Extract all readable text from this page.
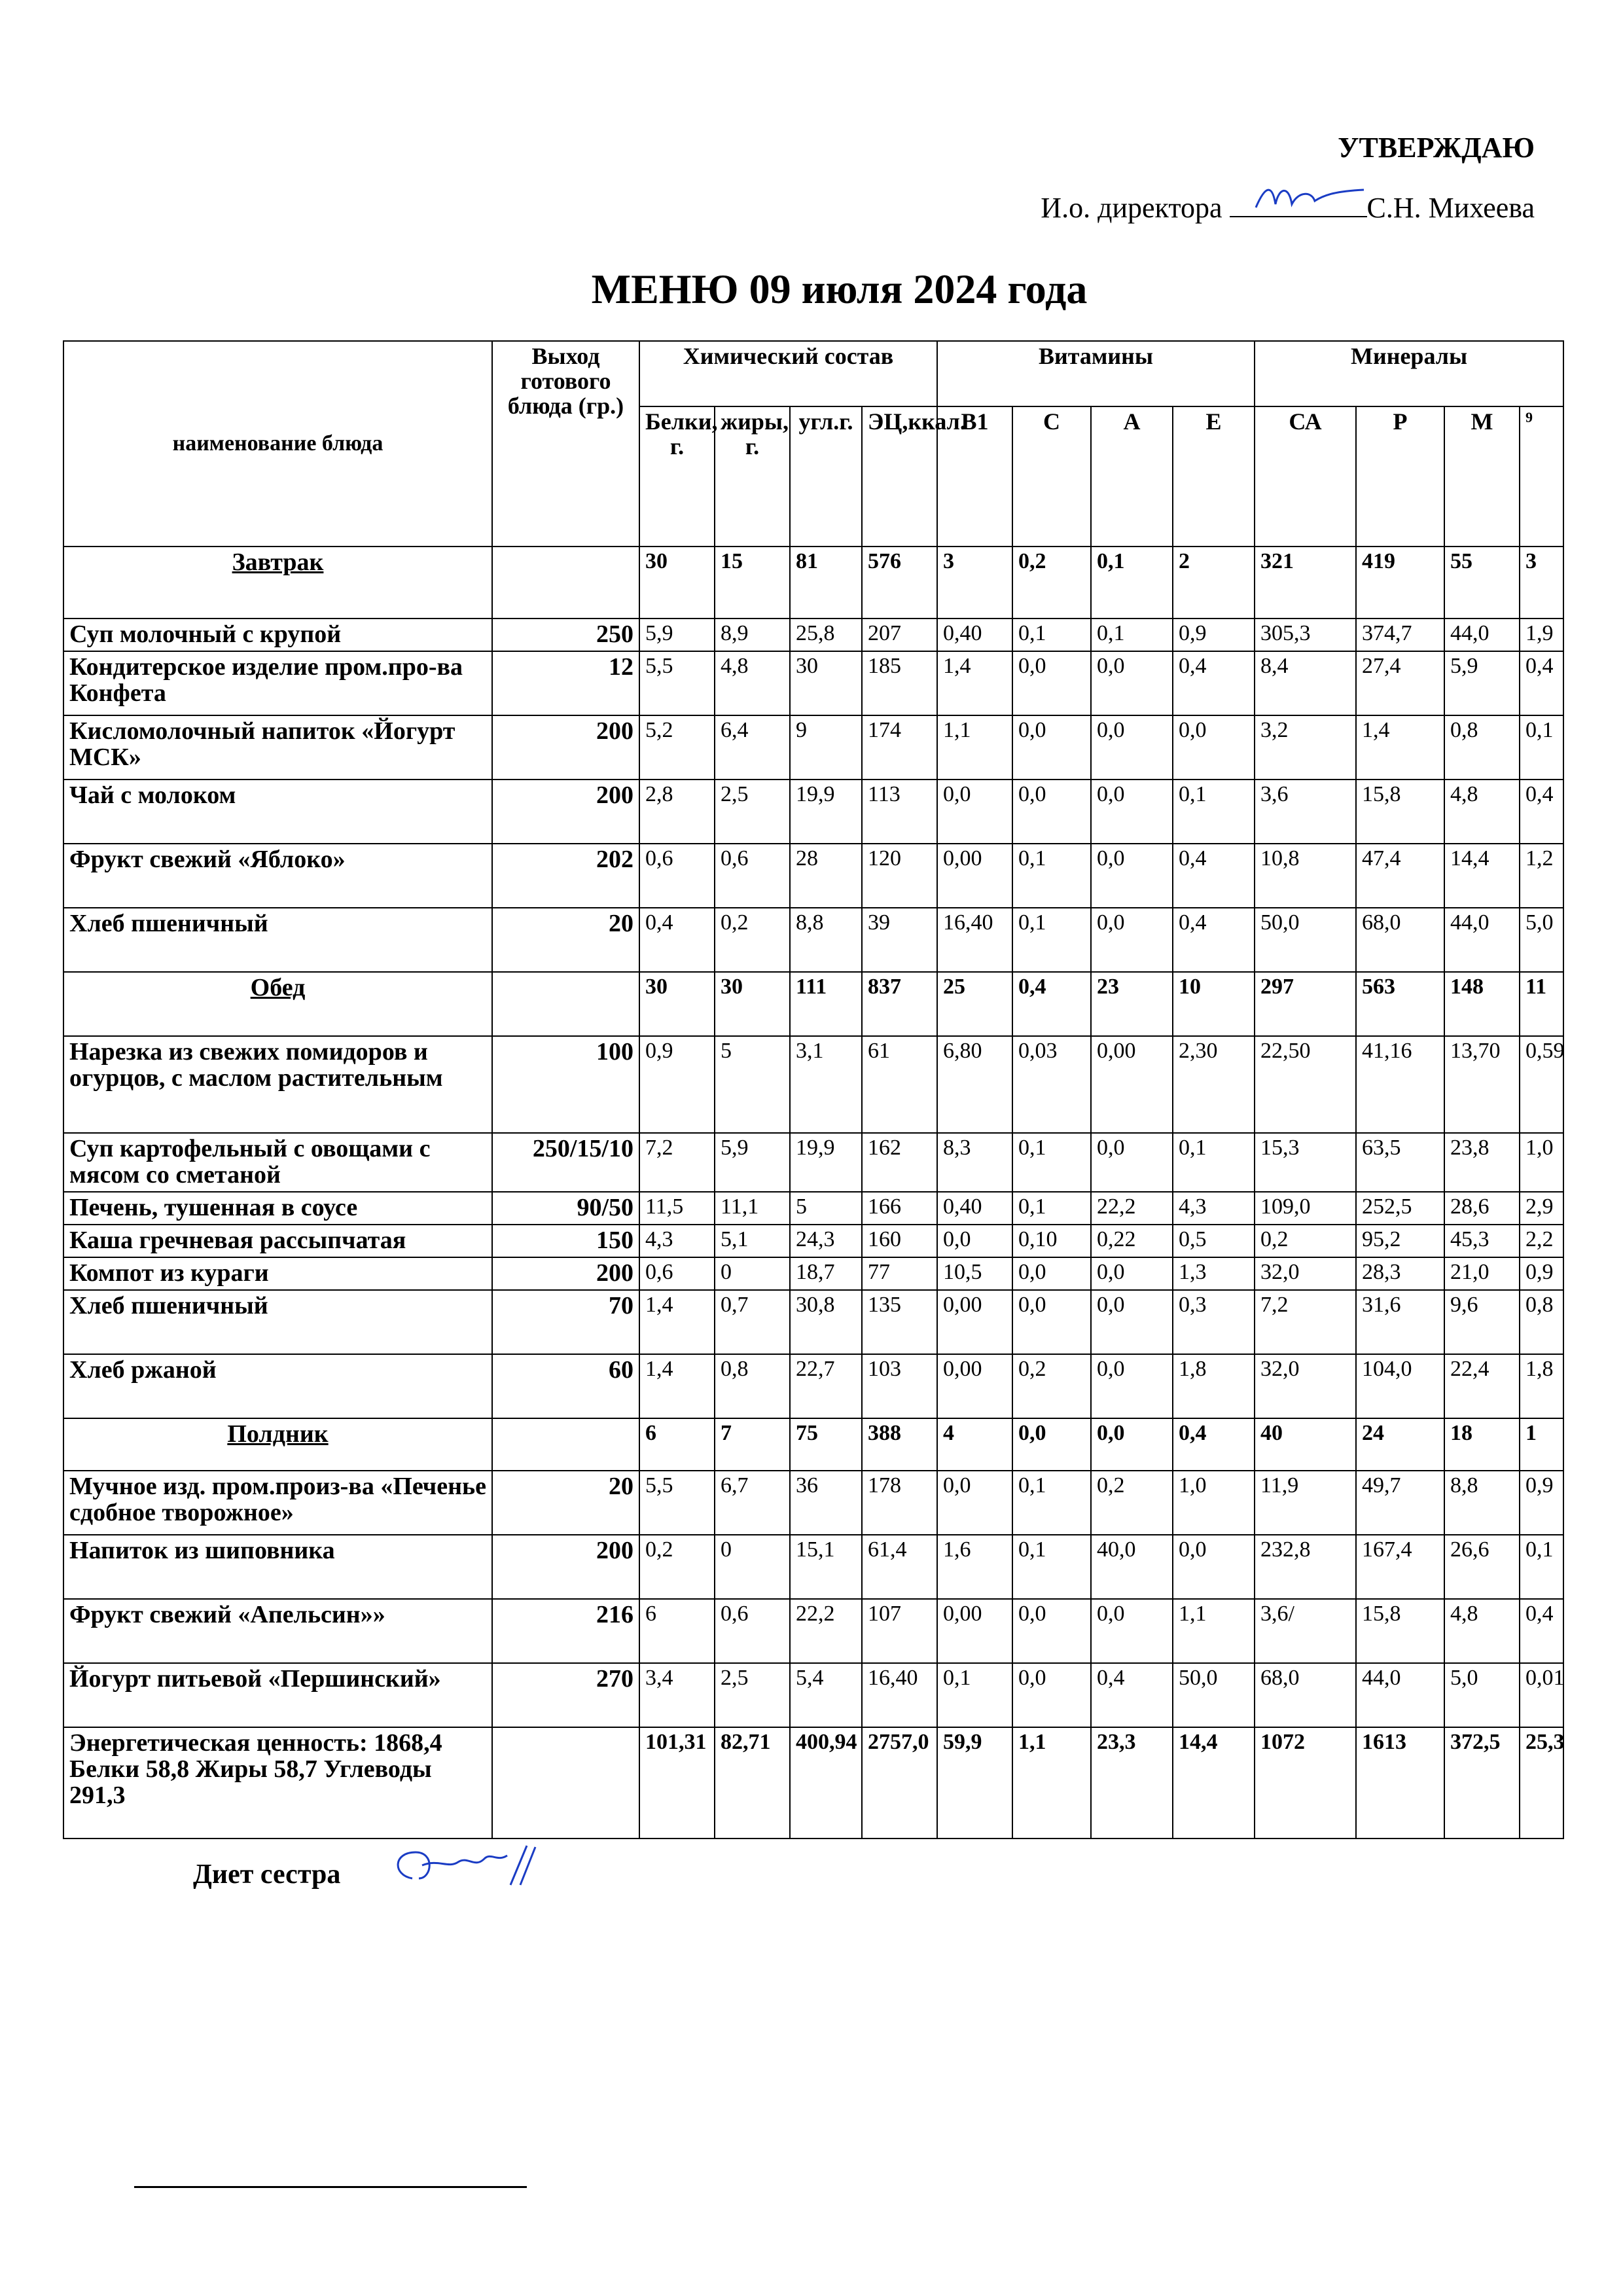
УТВЕРЖДАЮ
И.о. директора	С.Н. Михеева
МЕНЮ 09 июля 2024 года
наименование блюда	Выход готового блюда (гр.)	Химический состав				Витамины				Минералы			
		Белки, г.	жиры, г.	угл.г.	ЭЦ,ккал.	В1	С	А	Е	СА	Р	М	9
Завтрак		30	15	81	576	3	0,2	0,1	2	321	419	55	3
Суп молочный с крупой	250	5,9	8,9	25,8	207	0,40	0,1	0,1	0,9	305,3	374,7	44,0	1,9
Кондитерское изделие пром.про-ва Конфета	12	5,5	4,8	30	185	1,4	0,0	0,0	0,4	8,4	27,4	5,9	0,4
Кисломолочный напиток «Йогурт МСК»	200	5,2	6,4	9	174	1,1	0,0	0,0	0,0	3,2	1,4	0,8	0,1
Чай с молоком	200	2,8	2,5	19,9	113	0,0	0,0	0,0	0,1	3,6	15,8	4,8	0,4
Фрукт свежий «Яблоко»	202	0,6	0,6	28	120	0,00	0,1	0,0	0,4	10,8	47,4	14,4	1,2
Хлеб пшеничный	20	0,4	0,2	8,8	39	16,40	0,1	0,0	0,4	50,0	68,0	44,0	5,0
Обед		30	30	111	837	25	0,4	23	10	297	563	148	11
Нарезка из свежих помидоров и огурцов, с маслом растительным	100	0,9	5	3,1	61	6,80	0,03	0,00	2,30	22,50	41,16	13,70	0,59
Суп картофельный с овощами с мясом со сметаной	250/15/10	7,2	5,9	19,9	162	8,3	0,1	0,0	0,1	15,3	63,5	23,8	1,0
Печень, тушенная в соусе	90/50	11,5	11,1	5	166	0,40	0,1	22,2	4,3	109,0	252,5	28,6	2,9
Каша гречневая рассыпчатая	150	4,3	5,1	24,3	160	0,0	0,10	0,22	0,5	0,2	95,2	45,3	2,2
Компот из кураги	200	0,6	0	18,7	77	10,5	0,0	0,0	1,3	32,0	28,3	21,0	0,9
Хлеб пшеничный	70	1,4	0,7	30,8	135	0,00	0,0	0,0	0,3	7,2	31,6	9,6	0,8
Хлеб ржаной	60	1,4	0,8	22,7	103	0,00	0,2	0,0	1,8	32,0	104,0	22,4	1,8
Полдник		6	7	75	388	4	0,0	0,0	0,4	40	24	18	1
Мучное изд. пром.произ-ва «Печенье сдобное творожное»	20	5,5	6,7	36	178	0,0	0,1	0,2	1,0	11,9	49,7	8,8	0,9
Напиток из шиповника	200	0,2	0	15,1	61,4	1,6	0,1	40,0	0,0	232,8	167,4	26,6	0,1
Фрукт свежий «Апельсин»»	216	6	0,6	22,2	107	0,00	0,0	0,0	1,1	3,6/	15,8	4,8	0,4
Йогурт питьевой «Першинский»	270	3,4	2,5	5,4	16,40	0,1	0,0	0,4	50,0	68,0	44,0	5,0	0,01
Энергетическая ценность: 1868,4 Белки 58,8 Жиры 58,7 Углеводы 291,3		101,31	82,71	400,94	2757,0	59,9	1,1	23,3	14,4	1072	1613	372,5	25,3
Диет сестра
